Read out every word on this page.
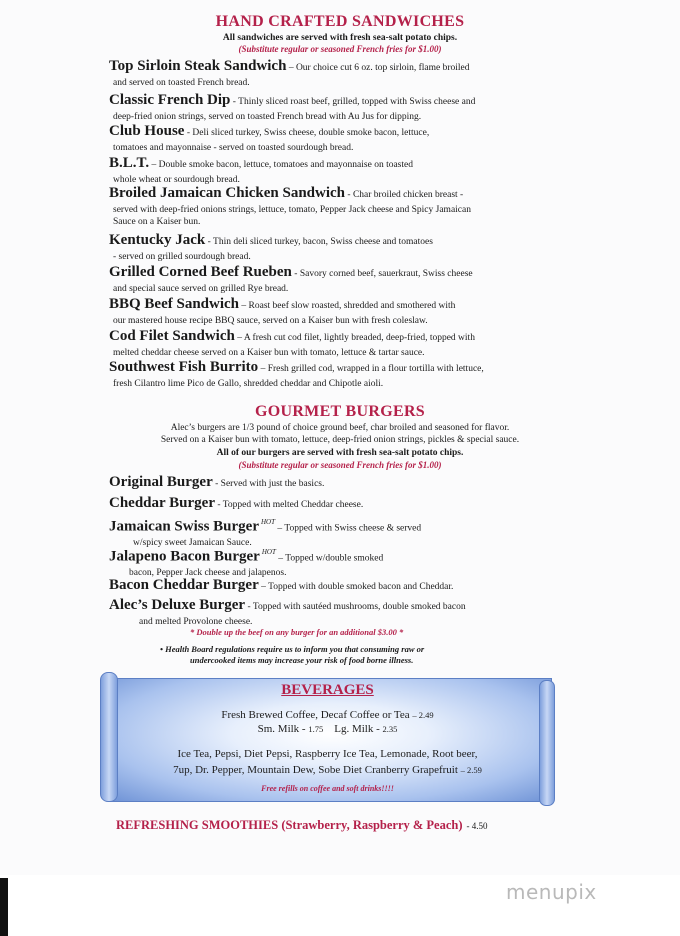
HAND CRAFTED SANDWICHES
All sandwiches are served with fresh sea-salt potato chips.
(Substitute regular or seasoned French fries for $1.00)
Top Sirloin Steak Sandwich – Our choice cut 6 oz. top sirloin, flame broiled
and served on toasted French bread.
Classic French Dip - Thinly sliced roast beef, grilled, topped with Swiss cheese and
deep-fried onion strings, served on toasted French bread with Au Jus for dipping.
Club House - Deli sliced turkey, Swiss cheese, double smoke bacon, lettuce,
tomatoes and mayonnaise - served on toasted sourdough bread.
B.L.T. – Double smoke bacon, lettuce, tomatoes and mayonnaise on toasted
whole wheat or sourdough bread.
Broiled Jamaican Chicken Sandwich - Char broiled chicken breast -
served with deep-fried onions strings, lettuce, tomato, Pepper Jack cheese and Spicy Jamaican
Sauce on a Kaiser bun.
Kentucky Jack - Thin deli sliced turkey, bacon, Swiss cheese and tomatoes
- served on grilled sourdough bread.
Grilled Corned Beef Rueben - Savory corned beef, sauerkraut, Swiss cheese
and special sauce served on grilled Rye bread.
BBQ Beef Sandwich – Roast beef slow roasted, shredded and smothered with
our mastered house recipe BBQ sauce, served on a Kaiser bun with fresh coleslaw.
Cod Filet Sandwich – A fresh cut cod filet, lightly breaded, deep-fried, topped with
melted cheddar cheese served on a Kaiser bun with tomato, lettuce & tartar sauce.
Southwest Fish Burrito – Fresh grilled cod, wrapped in a flour tortilla with lettuce,
fresh Cilantro lime Pico de Gallo, shredded cheddar and Chipotle aioli.
GOURMET BURGERS
Alec’s burgers are 1/3 pound of choice ground beef, char broiled and seasoned for flavor.
Served on a Kaiser bun with tomato, lettuce, deep-fried onion strings, pickles & special sauce.
All of our burgers are served with fresh sea-salt potato chips.
(Substitute regular or seasoned French fries for $1.00)
Original Burger - Served with just the basics.
Cheddar Burger - Topped with melted Cheddar cheese.
Jamaican Swiss Burger $^{HOT}$ – Topped with Swiss cheese & served
w/spicy sweet Jamaican Sauce.
Jalapeno Bacon Burger $^{HOT}$ – Topped w/double smoked
bacon, Pepper Jack cheese and jalapenos.
Bacon Cheddar Burger – Topped with double smoked bacon and Cheddar.
Alec’s Deluxe Burger - Topped with sautéed mushrooms, double smoked bacon
and melted Provolone cheese.
* Double up the beef on any burger for an additional $3.00 *
• Health Board regulations require us to inform you that consuming raw or
undercooked items may increase your risk of food borne illness.
BEVERAGES
Fresh Brewed Coffee, Decaf Coffee or Tea – 2.49
Sm. Milk - 1.75 Lg. Milk - 2.35
Ice Tea, Pepsi, Diet Pepsi, Raspberry Ice Tea, Lemonade, Root beer,
7up, Dr. Pepper, Mountain Dew, Sobe Diet Cranberry Grapefruit – 2.59
Free refills on coffee and soft drinks!!!!
REFRESHING SMOOTHIES (Strawberry, Raspberry & Peach) - 4.50
menupix
